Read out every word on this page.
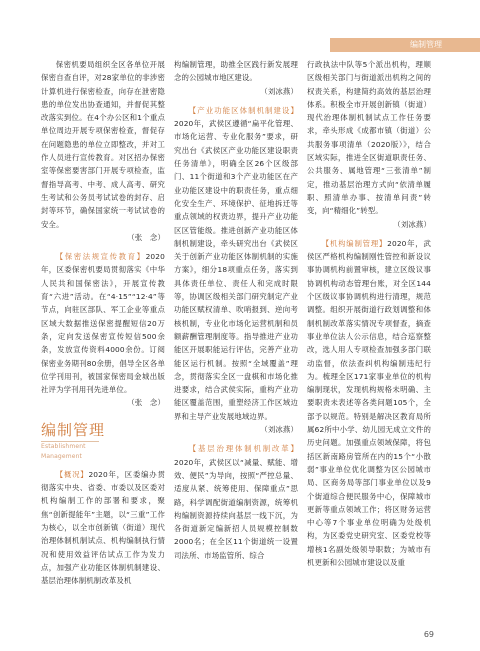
编制管理

保密机要局组织全区各单位开展保密自查自评，对28家单位的非涉密计算机进行保密检查，向存在泄密隐患的单位发出协查通知，并督促其整改落实到位。在4个办公区和1个重点单位周边开展专项保密检查，督促存在问题隐患的单位立即整改，并对工作人员进行宣传教育。对区招办保密室等保密要害部门开展专项检查，监督指导高考、中考、成人高考、研究生考试和公务员考试试卷的封存、启封等环节，确保国家统一考试试卷的安全。

（张　念）

【保密法规宣传教育】2020年，区委保密机要局贯彻落实《中华人民共和国保密法》，开展宣传教育“六进”活动。在“4·15”“12·4”等节点，向驻区部队、军工企业等重点区域大数据推送保密提醒短信20万条，定向发送保密宣传短信500余条，发放宣传资料4000余份。订阅保密业务期刊80余册，倡导全区各单位学刊用刊，被国家保密局金城出版社评为学刊用刊先进单位。

（张　念）

编制管理
Establishment Management

【概况】2020年，区委编办贯彻落实中央、省委、市委以及区委对机构编制工作的部署和要求，聚焦“创新提能年”主题，以“三重”工作为核心，以全市创新镇（街道）现代治理体制机制试点、机构编制执行情况和使用效益评估试点工作为发力点，加强产业功能区体制机制建设、基层治理体制机制改革及机

构编制管理，助推全区践行新发展理念的公园城市地区建设。

（刘冰燕）

【产业功能区体制机制建设】2020年，武侯区遵循“扁平化管理、市场化运营、专业化服务”要求，研究出台《武侯区产业功能区建设职责任务清单》，明确全区26个区级部门、11个街道和3个产业功能区在产业功能区建设中的职责任务，重点细化安全生产、环境保护、征地拆迁等重点领域的权责边界，提升产业功能区区管能级。推进创新产业功能区体制机制建设，牵头研究出台《武侯区关于创新产业功能区体制机制的实施方案》，细分18项重点任务，落实到具体责任单位、责任人和完成时限等，协调区级相关部门研究制定产业功能区赋权清单、吹哨报到、逆向考核机制，专业化市场化运营机制和员额薪酬管理制度等。指导推进产业功能区开展职能运行评估，完善产业功能区运行机制。按照“全域覆盖”理念，贯彻落实全区一盘棋和市场化推进要求，结合武侯实际，重构产业功能区覆盖范围，重塑经济工作区域边界和主导产业发展地域边界。

（刘冰燕）

【基层治理体制机制改革】2020年，武侯区以“减量、赋能、增效、便民”为导向，按照“严控总量、适度从紧、统筹使用、保障重点”思路，科学调配街道编制资源，统筹机构编制资源持续向基层一线下沉，为各街道新定编新招人员规模控制数2000名；在全区11个街道统一设置司法所、市场监管所、综合

行政执法中队等5个派出机构，理顺区级相关部门与街道派出机构之间的权责关系，构建简约高效的基层治理体系。积极全市开展创新镇（街道）现代治理体制机制试点工作任务要求，牵头形成《成都市镇（街道）公共服务事项清单（2020版）》，结合区域实际，推进全区街道职责任务、公共服务、属地管理“三张清单”制定，推动基层治理方式向“依清单履职、照清单办事、按清单问责”转变，向“精细化”转型。

（刘冰燕）

【机构编制管理】2020年，武侯区严格机构编制刚性管控和新设议事协调机构前置审核，建立区级议事协调机构动态管理台账，对全区144个区级议事协调机构进行清理，规范调整。组织开展街道行政划调整和体制机制改革落实情况专项督查，摘查事业单位法人公示信息，结合巡察整改，选人用人专项检查加强多部门联动监督，依法查纠机构编制违纪行为。梳理全区171家事业单位的机构编制现状，发现机构规格未明确、主要职责未表述等各类问题105个，全部予以规范。特别是解决区教育局所属62所中小学、幼儿园无成立文件的历史问题。加强重点领域保障，将包括区新南路房管所在内的15个“小散弱”事业单位优化调整为区公园城市局、区商务局等部门事业单位以及9个街道综合便民服务中心，保障城市更新等重点领域工作；将区财务运营中心等7个事业单位明确为处级机构，为区委党史研究室、区委党校等增核1名副处级领导职数；为城市有机更新和公园城市建设以及重

69
